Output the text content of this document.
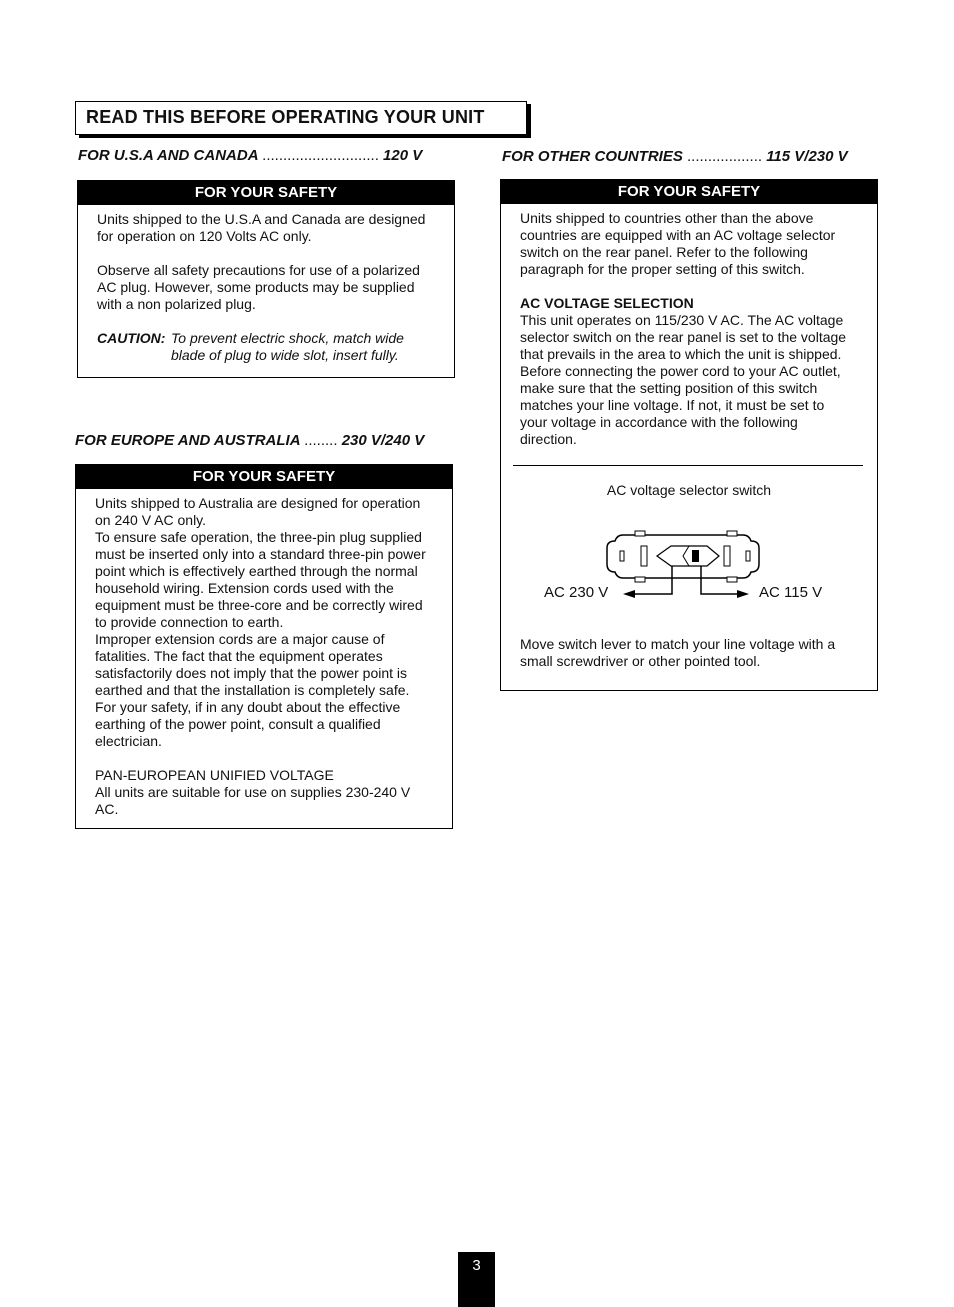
READ THIS BEFORE OPERATING YOUR UNIT
FOR U.S.A AND CANADA ............................ 120 V
FOR YOUR SAFETY
Units shipped to the U.S.A and Canada are designed
for operation on 120 Volts AC only.
Observe all safety precautions for use of a polarized
AC plug. However, some products may be supplied
with a non polarized plug.
CAUTION: To prevent electric shock, match wide
blade of plug to wide slot, insert fully.
FOR EUROPE AND AUSTRALIA ........ 230 V/240 V
FOR YOUR SAFETY
Units shipped to Australia are designed for operation
on 240 V AC only.
To ensure safe operation, the three-pin plug supplied
must be inserted only into a standard three-pin power
point which is effectively earthed through the normal
household wiring. Extension cords used with the
equipment must be three-core and be correctly wired
to provide connection to earth.
Improper extension cords are a major cause of
fatalities. The fact that the equipment operates
satisfactorily does not imply that the power point is
earthed and that the installation is completely safe.
For your safety, if in any doubt about the effective
earthing of the power point, consult a qualified
electrician.
PAN-EUROPEAN UNIFIED VOLTAGE
All units are suitable for use on supplies 230-240 V
AC.
FOR OTHER COUNTRIES .................. 115 V/230 V
FOR YOUR SAFETY
Units shipped to countries other than the above
countries are equipped with an AC voltage selector
switch on the rear panel. Refer to the following
paragraph for the proper setting of this switch.
AC VOLTAGE SELECTION
This unit operates on 115/230 V AC. The AC voltage
selector switch on the rear panel is set to the voltage
that prevails in the area to which the unit is shipped.
Before connecting the power cord to your AC outlet,
make sure that the setting position of this switch
matches your line voltage. If not, it must be set to
your voltage in accordance with the following
direction.
AC voltage selector switch
AC 230 V	AC 115 V
Move switch lever to match your line voltage with a
small screwdriver or other pointed tool.
3
